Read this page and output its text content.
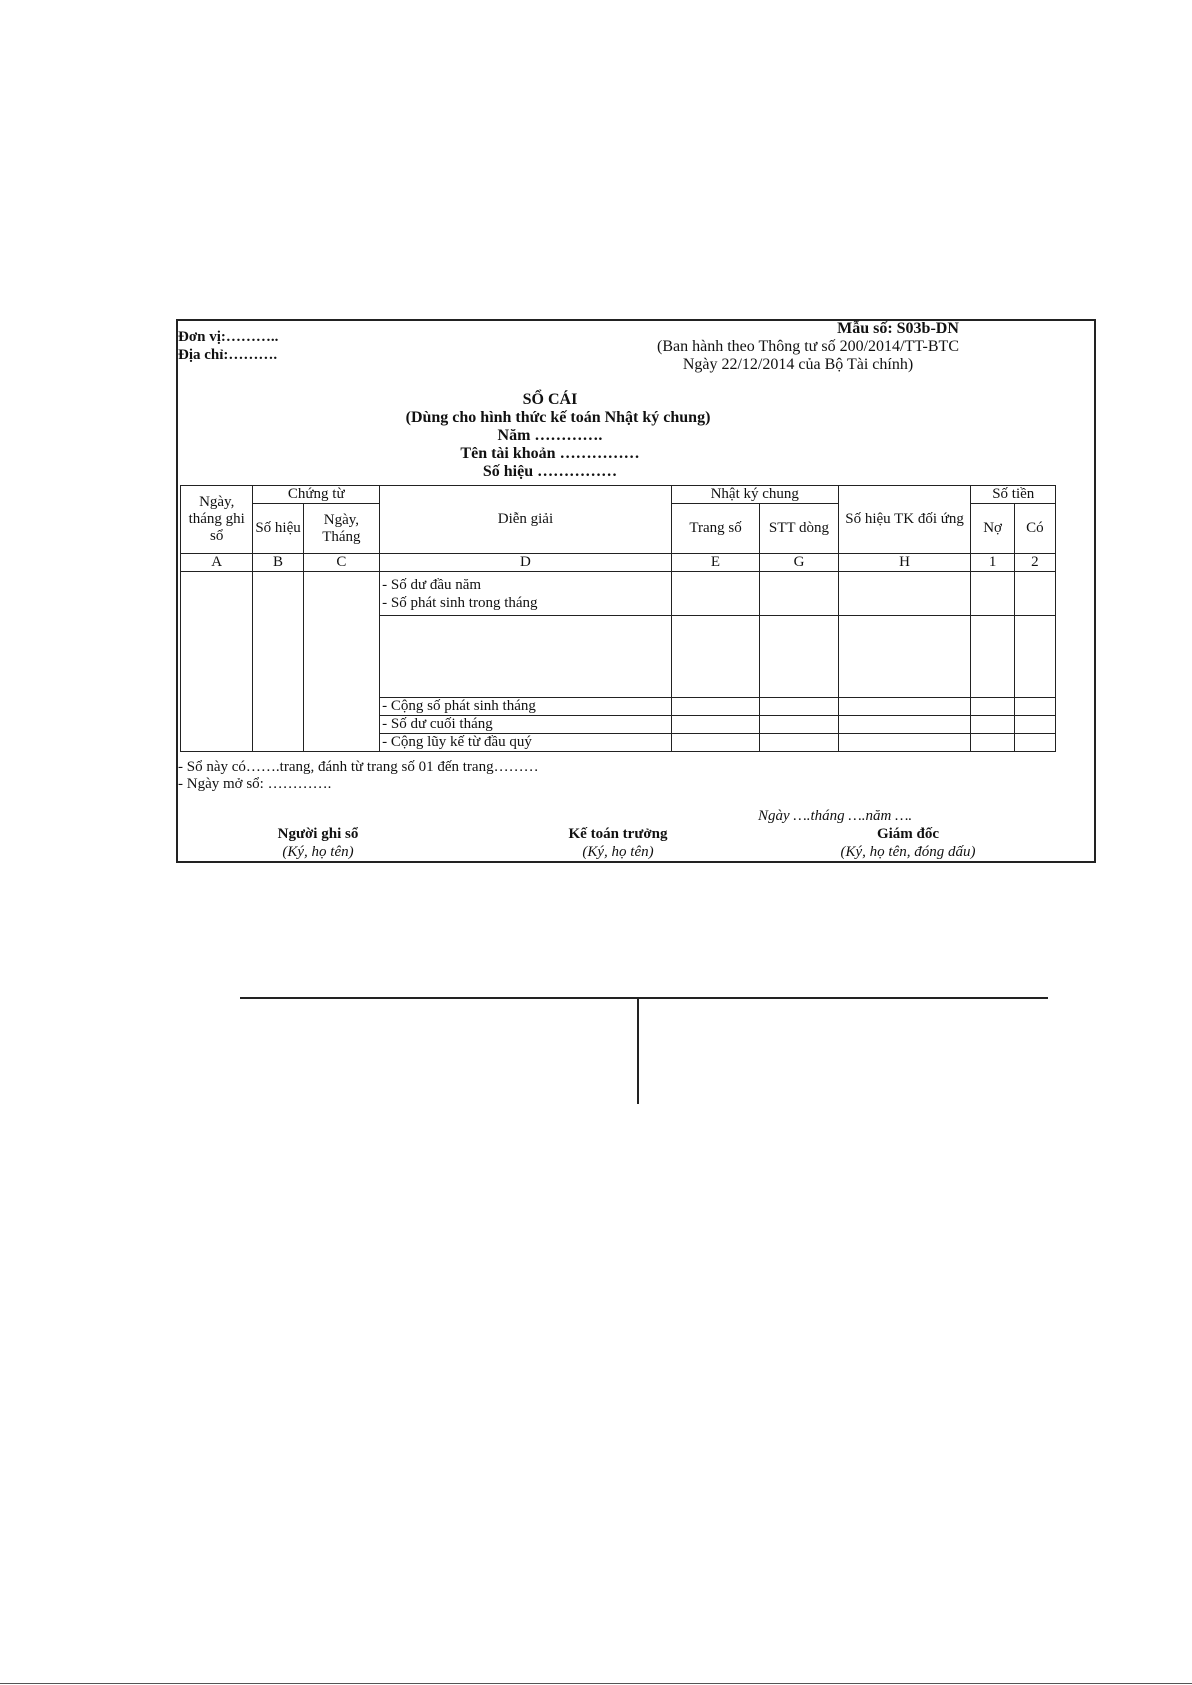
Đơn vị:………..
Địa chỉ:……….
Mẫu số: S03b-DN
(Ban hành theo Thông tư số 200/2014/TT-BTC
Ngày 22/12/2014 của Bộ Tài chính)
SỔ CÁI
(Dùng cho hình thức kế toán Nhật ký chung)
Năm ………….
Tên tài khoản ……………
Số hiệu ……………
Ngày, tháng ghi sổ	Chứng từ		Diễn giải	Nhật ký chung		Số hiệu TK đối ứng	Số tiền	
	Số hiệu	Ngày, Tháng		Trang số	STT dòng		Nợ	Có
A	B	C	D	E	G	H	1	2

			- Số dư đầu năm
- Số phát sinh trong tháng					

			- Cộng số phát sinh tháng					
			- Số dư cuối tháng					
			- Cộng lũy kế từ đầu quý					
- Sổ này có…….trang, đánh từ trang số 01 đến trang………
- Ngày mở sổ: ………….
Ngày ….tháng ….năm ….
Người ghi sổ
(Ký, họ tên)
Kế toán trưởng
(Ký, họ tên)
Giám đốc
(Ký, họ tên, đóng dấu)
